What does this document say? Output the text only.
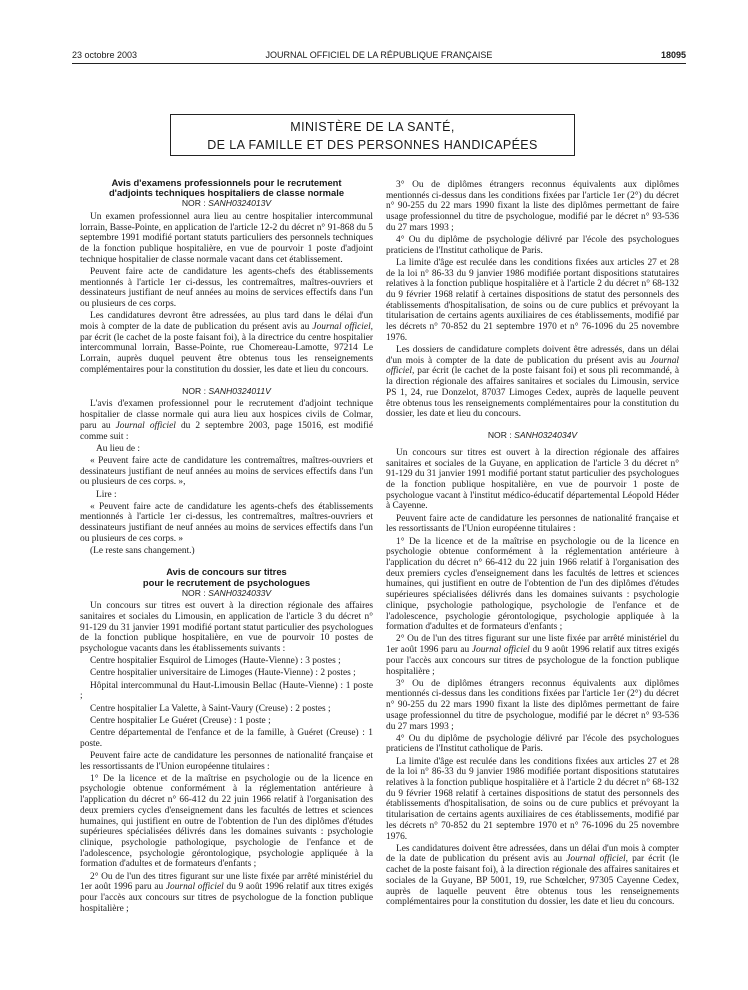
23 octobre 2003	JOURNAL OFFICIEL DE LA RÉPUBLIQUE FRANÇAISE	18095
MINISTÈRE DE LA SANTÉ,
DE LA FAMILLE ET DES PERSONNES HANDICAPÉES
Avis d'examens professionnels pour le recrutement
d'adjoints techniques hospitaliers de classe normale
NOR : SANH0324013V

Un examen professionnel aura lieu au centre hospitalier intercommunal lorrain, Basse-Pointe, en application de l'article 12-2 du décret n° 91-868 du 5 septembre 1991 modifié portant statuts particuliers des personnels techniques de la fonction publique hospitalière, en vue de pourvoir 1 poste d'adjoint technique hospitalier de classe normale vacant dans cet établissement.

Peuvent faire acte de candidature les agents-chefs des établissements mentionnés à l'article 1er ci-dessus, les contremaîtres, maîtres-ouvriers et dessinateurs justifiant de neuf années au moins de services effectifs dans l'un ou plusieurs de ces corps.

Les candidatures devront être adressées, au plus tard dans le délai d'un mois à compter de la date de publication du présent avis au Journal officiel, par écrit (le cachet de la poste faisant foi), à la directrice du centre hospitalier intercommunal lorrain, Basse-Pointe, rue Chomereau-Lamotte, 97214 Le Lorrain, auprès duquel peuvent être obtenus tous les renseignements complémentaires pour la constitution du dossier, les date et lieu du concours.

NOR : SANH0324011V

L'avis d'examen professionnel pour le recrutement d'adjoint technique hospitalier de classe normale qui aura lieu aux hospices civils de Colmar, paru au Journal officiel du 2 septembre 2003, page 15016, est modifié comme suit :

Au lieu de :

« Peuvent faire acte de candidature les contremaîtres, maîtres-ouvriers et dessinateurs justifiant de neuf années au moins de services effectifs dans l'un ou plusieurs de ces corps. »,

Lire :

« Peuvent faire acte de candidature les agents-chefs des établissements mentionnés à l'article 1er ci-dessus, les contremaîtres, maîtres-ouvriers et dessinateurs justifiant de neuf années au moins de services effectifs dans l'un ou plusieurs de ces corps. »

(Le reste sans changement.)

Avis de concours sur titres
pour le recrutement de psychologues
NOR : SANH0324033V

Un concours sur titres est ouvert à la direction régionale des affaires sanitaires et sociales du Limousin, en application de l'article 3 du décret n° 91-129 du 31 janvier 1991 modifié portant statut particulier des psychologues de la fonction publique hospitalière, en vue de pourvoir 10 postes de psychologue vacants dans les établissements suivants :

Centre hospitalier Esquirol de Limoges (Haute-Vienne) : 3 postes ;

Centre hospitalier universitaire de Limoges (Haute-Vienne) : 2 postes ;

Hôpital intercommunal du Haut-Limousin Bellac (Haute-Vienne) : 1 poste ;

Centre hospitalier La Valette, à Saint-Vaury (Creuse) : 2 postes ;

Centre hospitalier Le Guéret (Creuse) : 1 poste ;

Centre départemental de l'enfance et de la famille, à Guéret (Creuse) : 1 poste.

Peuvent faire acte de candidature les personnes de nationalité française et les ressortissants de l'Union européenne titulaires :

1° De la licence et de la maîtrise en psychologie ou de la licence en psychologie obtenue conformément à la réglementation antérieure à l'application du décret n° 66-412 du 22 juin 1966 relatif à l'organisation des deux premiers cycles d'enseignement dans les facultés de lettres et sciences humaines, qui justifient en outre de l'obtention de l'un des diplômes d'études supérieures spécialisées délivrés dans les domaines suivants : psychologie clinique, psychologie pathologique, psychologie de l'enfance et de l'adolescence, psychologie gérontologique, psychologie appliquée à la formation d'adultes et de formateurs d'enfants ;

2° Ou de l'un des titres figurant sur une liste fixée par arrêté ministériel du 1er août 1996 paru au Journal officiel du 9 août 1996 relatif aux titres exigés pour l'accès aux concours sur titres de psychologue de la fonction publique hospitalière ;

3° Ou de diplômes étrangers reconnus équivalents aux diplômes mentionnés ci-dessus dans les conditions fixées par l'article 1er (2°) du décret n° 90-255 du 22 mars 1990 fixant la liste des diplômes permettant de faire usage professionnel du titre de psychologue, modifié par le décret n° 93-536 du 27 mars 1993 ;

4° Ou du diplôme de psychologie délivré par l'école des psychologues praticiens de l'Institut catholique de Paris.

La limite d'âge est reculée dans les conditions fixées aux articles 27 et 28 de la loi n° 86-33 du 9 janvier 1986 modifiée portant dispositions statutaires relatives à la fonction publique hospitalière et à l'article 2 du décret n° 68-132 du 9 février 1968 relatif à certaines dispositions de statut des personnels des établissements d'hospitalisation, de soins ou de cure publics et prévoyant la titularisation de certains agents auxiliaires de ces établissements, modifié par les décrets n° 70-852 du 21 septembre 1970 et n° 76-1096 du 25 novembre 1976.

Les dossiers de candidature complets doivent être adressés, dans un délai d'un mois à compter de la date de publication du présent avis au Journal officiel, par écrit (le cachet de la poste faisant foi) et sous pli recommandé, à la direction régionale des affaires sanitaires et sociales du Limousin, service PS 1, 24, rue Donzelot, 87037 Limoges Cedex, auprès de laquelle peuvent être obtenus tous les renseignements complémentaires pour la constitution du dossier, les date et lieu du concours.

NOR : SANH0324034V

Un concours sur titres est ouvert à la direction régionale des affaires sanitaires et sociales de la Guyane, en application de l'article 3 du décret n° 91-129 du 31 janvier 1991 modifié portant statut particulier des psychologues de la fonction publique hospitalière, en vue de pourvoir 1 poste de psychologue vacant à l'institut médico-éducatif départemental Léopold Héder à Cayenne.

Peuvent faire acte de candidature les personnes de nationalité française et les ressortissants de l'Union européenne titulaires :

1° De la licence et de la maîtrise en psychologie ou de la licence en psychologie obtenue conformément à la réglementation antérieure à l'application du décret n° 66-412 du 22 juin 1966 relatif à l'organisation des deux premiers cycles d'enseignement dans les facultés de lettres et sciences humaines, qui justifient en outre de l'obtention de l'un des diplômes d'études supérieures spécialisées délivrés dans les domaines suivants : psychologie clinique, psychologie pathologique, psychologie de l'enfance et de l'adolescence, psychologie gérontologique, psychologie appliquée à la formation d'adultes et de formateurs d'enfants ;

2° Ou de l'un des titres figurant sur une liste fixée par arrêté ministériel du 1er août 1996 paru au Journal officiel du 9 août 1996 relatif aux titres exigés pour l'accès aux concours sur titres de psychologue de la fonction publique hospitalière ;

3° Ou de diplômes étrangers reconnus équivalents aux diplômes mentionnés ci-dessus dans les conditions fixées par l'article 1er (2°) du décret n° 90-255 du 22 mars 1990 fixant la liste des diplômes permettant de faire usage professionnel du titre de psychologue, modifié par le décret n° 93-536 du 27 mars 1993 ;

4° Ou du diplôme de psychologie délivré par l'école des psychologues praticiens de l'Institut catholique de Paris.

La limite d'âge est reculée dans les conditions fixées aux articles 27 et 28 de la loi n° 86-33 du 9 janvier 1986 modifiée portant dispositions statutaires relatives à la fonction publique hospitalière et à l'article 2 du décret n° 68-132 du 9 février 1968 relatif à certaines dispositions de statut des personnels des établissements d'hospitalisation, de soins ou de cure publics et prévoyant la titularisation de certains agents auxiliaires de ces établissements, modifié par les décrets n° 70-852 du 21 septembre 1970 et n° 76-1096 du 25 novembre 1976.

Les candidatures doivent être adressées, dans un délai d'un mois à compter de la date de publication du présent avis au Journal officiel, par écrit (le cachet de la poste faisant foi), à la direction régionale des affaires sanitaires et sociales de la Guyane, BP 5001, 19, rue Schœlcher, 97305 Cayenne Cedex, auprès de laquelle peuvent être obtenus tous les renseignements complémentaires pour la constitution du dossier, les date et lieu du concours.
